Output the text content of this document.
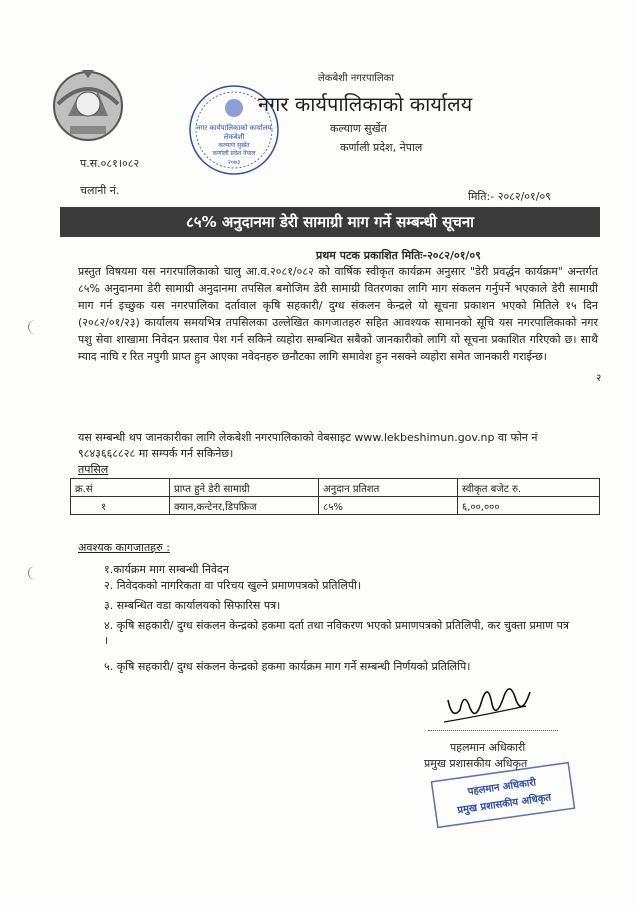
नगर कार्यपालिकाको कार्यालय
लेकबेशी
कल्याण सुर्खेत
कर्णाली प्रदेश नेपाल
२०७३
लेकबेशी नगरपालिका
नगर कार्यपालिकाको कार्यालय
कल्याण सुर्खेत
कर्णाली प्रदेश, नेपाल
प.स.०८१।०८२
चलानी नं.	मिति:- २०८२/०१/०९
८५% अनुदानमा डेरी सामाग्री माग गर्ने सम्बन्धी सूचना
प्रथम पटक प्रकाशित मितिः-२०८२/०१/०९
प्रस्तुत विषयमा यस नगरपालिकाको चालु आ.व.२०८१/०८२ को वार्षिक स्वीकृत कार्यक्रम अनुसार "डेरी प्रवर्द्धन कार्यक्रम" अन्तर्गत ८५% अनुदानमा डेरी सामाग्री अनुदानमा तपसिल बमोजिम डेरी सामाग्री वितरणका लागि माग संकलन गर्नुपर्ने भएकाले डेरी सामाग्री माग गर्न इच्छुक यस नगरपालिका दर्तावाल कृषि सहकारी/ दुग्ध संकलन केन्द्रले यो सूचना प्रकाशन भएको मितिले १५ दिन (२०८२/०१/२३) कार्यालय समयभित्र तपसिलका उल्लेखित कागजातहरु सहित आवश्यक सामानको सूचि यस नगरपालिकाको नगर पशु सेवा शाखामा निवेदन प्रस्ताव पेश गर्न सकिने व्यहोरा सम्बन्धित सबैको जानकारीको लागि यो सूचना प्रकाशित गरिएको छ। साथै म्याद नाघि र रित नपुगी प्राप्त हुन आएका नवेदनहरु छनौटका लागि समावेश हुन नसक्ने व्यहोरा समेत जानकारी गराईन्छ।
२
यस सम्बन्धी थप जानकारीका लागि लेकबेशी नगरपालिकाको वेबसाइट www.lekbeshimun.gov.np वा फोन नं ९८४३६६८८२८ मा सम्पर्क गर्न सकिनेछ।
तपसिल
क्र.सं	प्राप्त हुने डेरी सामाग्री	अनुदान प्रतिशत	स्वीकृत बजेट रु.
१	क्यान,कन्टेनर,डिपफ्रिज	८५%	६,००,०००
अवश्यक कागजातहरु :
१.कार्यक्रम माग सम्बन्धी निवेदन
२. निवेदकको नागरिकता वा परिचय खुल्ने प्रमाणपत्रको प्रतिलिपी।
३. सम्बन्धित वडा कार्यालयको सिफारिस पत्र।
४. कृषि सहकारी/ दुग्ध संकलन केन्द्रको हकमा दर्ता तथा नविकरण भएको प्रमाणपत्रको प्रतिलिपी, कर चुक्ता प्रमाण पत्र ।
५. कृषि सहकारी/ दुग्ध संकलन केन्द्रको हकमा कार्यक्रम माग गर्ने सम्बन्धी निर्णयको प्रतिलिपि।
पहलमान अधिकारी
प्रमुख प्रशासकीय अधिकृत
पहलमान अधिकारी
प्रमुख प्रशासकीय अधिकृत
